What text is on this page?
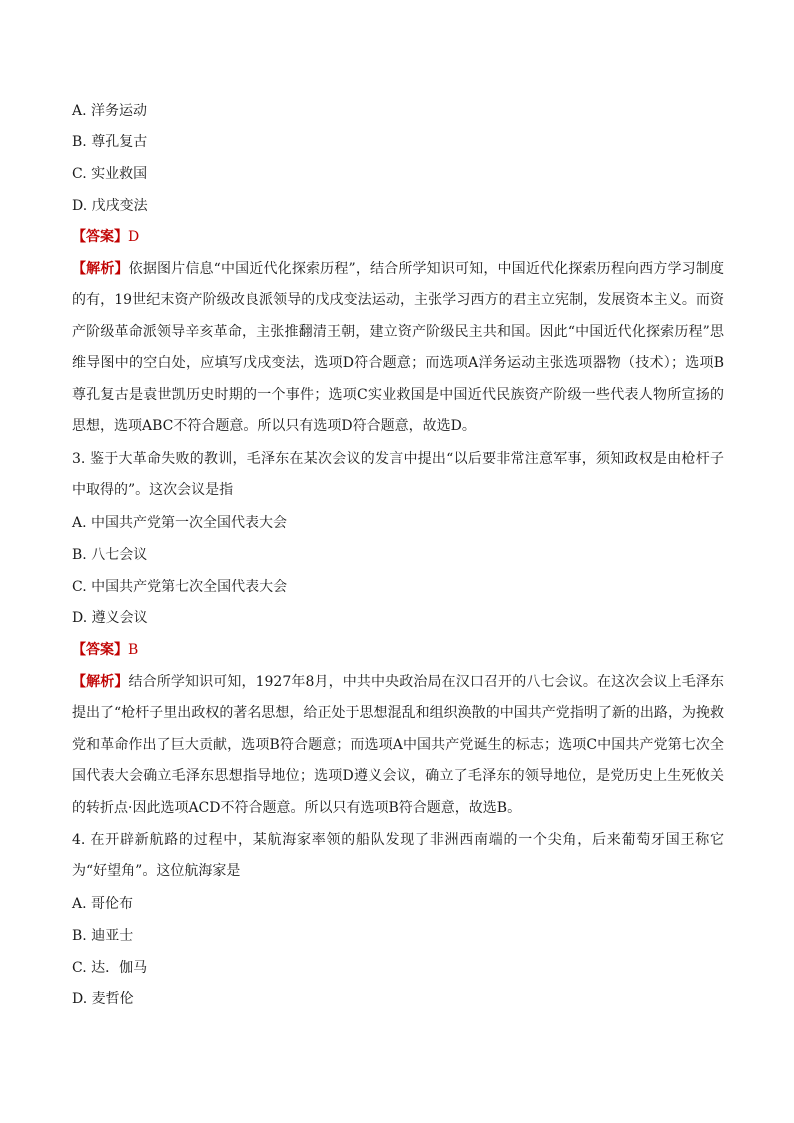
A. 洋务运动
B. 尊孔复古
C. 实业救国
D. 戊戌变法
【答案】D
【解析】依据图片信息“中国近代化探索历程”，结合所学知识可知，中国近代化探索历程向西方学习制度的有，19世纪末资产阶级改良派领导的戊戌变法运动，主张学习西方的君主立宪制，发展资本主义。而资产阶级革命派领导辛亥革命，主张推翻清王朝，建立资产阶级民主共和国。因此“中国近代化探索历程”思维导图中的空白处，应填写戊戌变法，选项D符合题意；而选项A洋务运动主张选项器物（技术）；选项B尊孔复古是袁世凯历史时期的一个事件；选项C实业救国是中国近代民族资产阶级一些代表人物所宣扬的思想，选项ABC不符合题意。所以只有选项D符合题意，故选D。
3. 鉴于大革命失败的教训，毛泽东在某次会议的发言中提出“以后要非常注意军事，须知政权是由枪杆子中取得的”。这次会议是指
A. 中国共产党第一次全国代表大会
B. 八七会议
C. 中国共产党第七次全国代表大会
D. 遵义会议
【答案】B
【解析】结合所学知识可知，1927年8月，中共中央政治局在汉口召开的八七会议。在这次会议上毛泽东提出了“枪杆子里出政权的著名思想，给正处于思想混乱和组织涣散的中国共产党指明了新的出路，为挽救党和革命作出了巨大贡献，选项B符合题意；而选项A中国共产党诞生的标志；选项C中国共产党第七次全国代表大会确立毛泽东思想指导地位；选项D遵义会议，确立了毛泽东的领导地位，是党历史上生死攸关的转折点·因此选项ACD不符合题意。所以只有选项B符合题意，故选B。
4. 在开辟新航路的过程中，某航海家率领的船队发现了非洲西南端的一个尖角，后来葡萄牙国王称它为“好望角”。这位航海家是
A. 哥伦布
B. 迪亚士
C. 达．伽马
D. 麦哲伦
